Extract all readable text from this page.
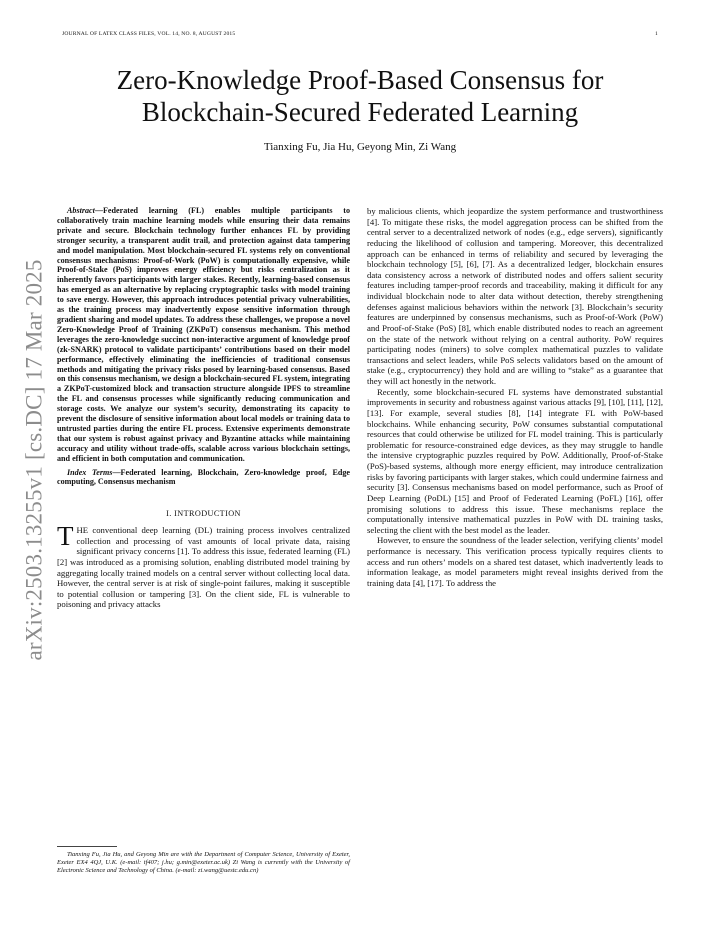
JOURNAL OF LATEX CLASS FILES, VOL. 14, NO. 8, AUGUST 2015	1
Zero-Knowledge Proof-Based Consensus for
Blockchain-Secured Federated Learning
Tianxing Fu, Jia Hu, Geyong Min, Zi Wang
arXiv:2503.13255v1 [cs.DC] 17 Mar 2025

Abstract—Federated learning (FL) enables multiple participants to collaboratively train machine learning models while ensuring their data remains private and secure. Blockchain technology further enhances FL by providing stronger security, a transparent audit trail, and protection against data tampering and model manipulation. Most blockchain-secured FL systems rely on conventional consensus mechanisms: Proof-of-Work (PoW) is computationally expensive, while Proof-of-Stake (PoS) improves energy efficiency but risks centralization as it inherently favors participants with larger stakes. Recently, learning-based consensus has emerged as an alternative by replacing cryptographic tasks with model training to save energy. However, this approach introduces potential privacy vulnerabilities, as the training process may inadvertently expose sensitive information through gradient sharing and model updates. To address these challenges, we propose a novel Zero-Knowledge Proof of Training (ZKPoT) consensus mechanism. This method leverages the zero-knowledge succinct non-interactive argument of knowledge proof (zk-SNARK) protocol to validate participants’ contributions based on their model performance, effectively eliminating the inefficiencies of traditional consensus methods and mitigating the privacy risks posed by learning-based consensus. Based on this consensus mechanism, we design a blockchain-secured FL system, integrating a ZKPoT-customized block and transaction structure alongside IPFS to streamline the FL and consensus processes while significantly reducing communication and storage costs. We analyze our system’s security, demonstrating its capacity to prevent the disclosure of sensitive information about local models or training data to untrusted parties during the entire FL process. Extensive experiments demonstrate that our system is robust against privacy and Byzantine attacks while maintaining accuracy and utility without trade-offs, scalable across various blockchain settings, and efficient in both computation and communication.

Index Terms—Federated learning, Blockchain, Zero-knowledge proof, Edge computing, Consensus mechanism

I. INTRODUCTION

THE conventional deep learning (DL) training process involves centralized collection and processing of vast amounts of local private data, raising significant privacy concerns [1]. To address this issue, federated learning (FL) [2] was introduced as a promising solution, enabling distributed model training by aggregating locally trained models on a central server without collecting local data. However, the central server is at risk of single-point failures, making it susceptible to potential collusion or tampering [3]. On the client side, FL is vulnerable to poisoning and privacy attacks

by malicious clients, which jeopardize the system performance and trustworthiness [4]. To mitigate these risks, the model aggregation process can be shifted from the central server to a decentralized network of nodes (e.g., edge servers), significantly reducing the likelihood of collusion and tampering. Moreover, this decentralized approach can be enhanced in terms of reliability and secured by leveraging the blockchain technology [5], [6], [7]. As a decentralized ledger, blockchain ensures data consistency across a network of distributed nodes and offers salient security features including tamper-proof records and traceability, making it difficult for any individual blockchain node to alter data without detection, thereby strengthening defenses against malicious behaviors within the network [3]. Blockchain’s security features are underpinned by consensus mechanisms, such as Proof-of-Work (PoW) and Proof-of-Stake (PoS) [8], which enable distributed nodes to reach an agreement on the state of the network without relying on a central authority. PoW requires participating nodes (miners) to solve complex mathematical puzzles to validate transactions and select leaders, while PoS selects validators based on the amount of stake (e.g., cryptocurrency) they hold and are willing to “stake” as a guarantee that they will act honestly in the network.

Recently, some blockchain-secured FL systems have demonstrated substantial improvements in security and robustness against various attacks [9], [10], [11], [12], [13]. For example, several studies [8], [14] integrate FL with PoW-based blockchains. While enhancing security, PoW consumes substantial computational resources that could otherwise be utilized for FL model training. This is particularly problematic for resource-constrained edge devices, as they may struggle to handle the intensive cryptographic puzzles required by PoW. Additionally, Proof-of-Stake (PoS)-based systems, although more energy efficient, may introduce centralization risks by favoring participants with larger stakes, which could undermine fairness and security [3]. Consensus mechanisms based on model performance, such as Proof of Deep Learning (PoDL) [15] and Proof of Federated Learning (PoFL) [16], offer promising solutions to address this issue. These mechanisms replace the computationally intensive mathematical puzzles in PoW with DL training tasks, selecting the client with the best model as the leader.

However, to ensure the soundness of the leader selection, verifying clients’ model performance is necessary. This verification process typically requires clients to access and run others’ models on a shared test dataset, which inadvertently leads to information leakage, as model parameters might reveal insights derived from the training data [4], [17]. To address the

Tianxing Fu, Jia Hu, and Geyong Min are with the Department of Computer Science, University of Exeter, Exeter EX4 4QJ, U.K. (e-mail: tf407; j.hu; g.min@exeter.ac.uk) Zi Wang is currently with the University of Electronic Science and Technology of China. (e-mail: zi.wang@uestc.edu.cn)
